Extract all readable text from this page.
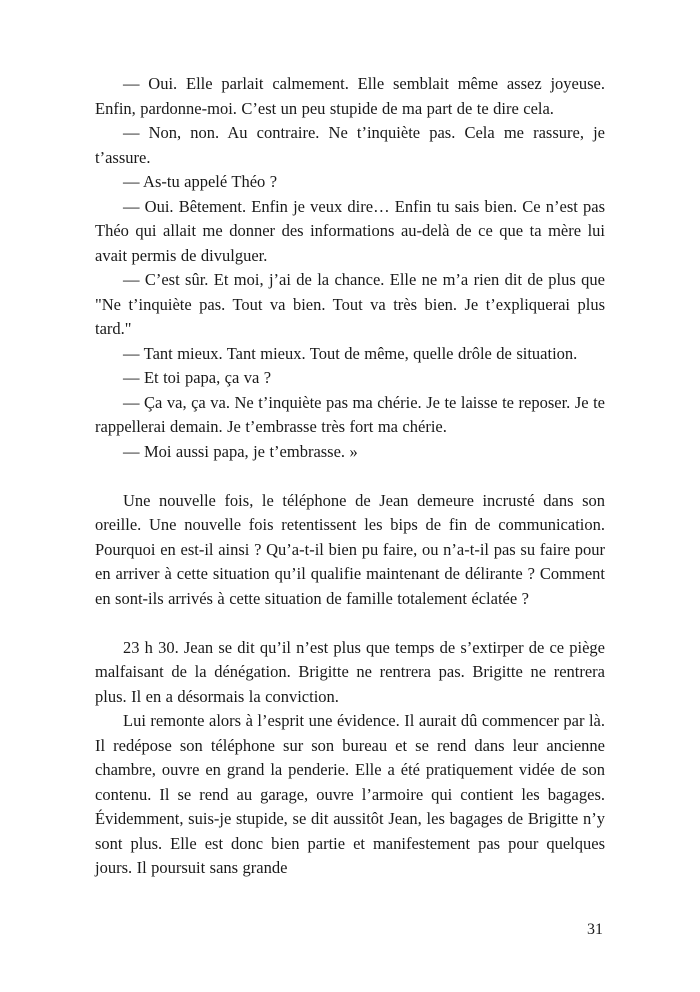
— Oui. Elle parlait calmement. Elle semblait même assez joyeuse. Enfin, pardonne-moi. C’est un peu stupide de ma part de te dire cela.

— Non, non. Au contraire. Ne t’inquiète pas. Cela me rassure, je t’assure.

— As-tu appelé Théo ?

— Oui. Bêtement. Enfin je veux dire… Enfin tu sais bien. Ce n’est pas Théo qui allait me donner des informations au-delà de ce que ta mère lui avait permis de divulguer.

— C’est sûr. Et moi, j’ai de la chance. Elle ne m’a rien dit de plus que "Ne t’inquiète pas. Tout va bien. Tout va très bien. Je t’expliquerai plus tard."

— Tant mieux. Tant mieux. Tout de même, quelle drôle de situation.

— Et toi papa, ça va ?

— Ça va, ça va. Ne t’inquiète pas ma chérie. Je te laisse te reposer. Je te rappellerai demain. Je t’embrasse très fort ma chérie.

— Moi aussi papa, je t’embrasse. »

Une nouvelle fois, le téléphone de Jean demeure incrusté dans son oreille. Une nouvelle fois retentissent les bips de fin de communication. Pourquoi en est-il ainsi ? Qu’a-t-il bien pu faire, ou n’a-t-il pas su faire pour en arriver à cette situation qu’il qualifie maintenant de délirante ? Comment en sont-ils arrivés à cette situation de famille totalement éclatée ?

23 h 30. Jean se dit qu’il n’est plus que temps de s’extirper de ce piège malfaisant de la dénégation. Brigitte ne rentrera pas. Brigitte ne rentrera plus. Il en a désormais la conviction.

Lui remonte alors à l’esprit une évidence. Il aurait dû commencer par là. Il redépose son téléphone sur son bureau et se rend dans leur ancienne chambre, ouvre en grand la penderie. Elle a été pratiquement vidée de son contenu. Il se rend au garage, ouvre l’armoire qui contient les bagages. Évidemment, suis-je stupide, se dit aussitôt Jean, les bagages de Brigitte n’y sont plus. Elle est donc bien partie et manifestement pas pour quelques jours. Il poursuit sans grande

31
